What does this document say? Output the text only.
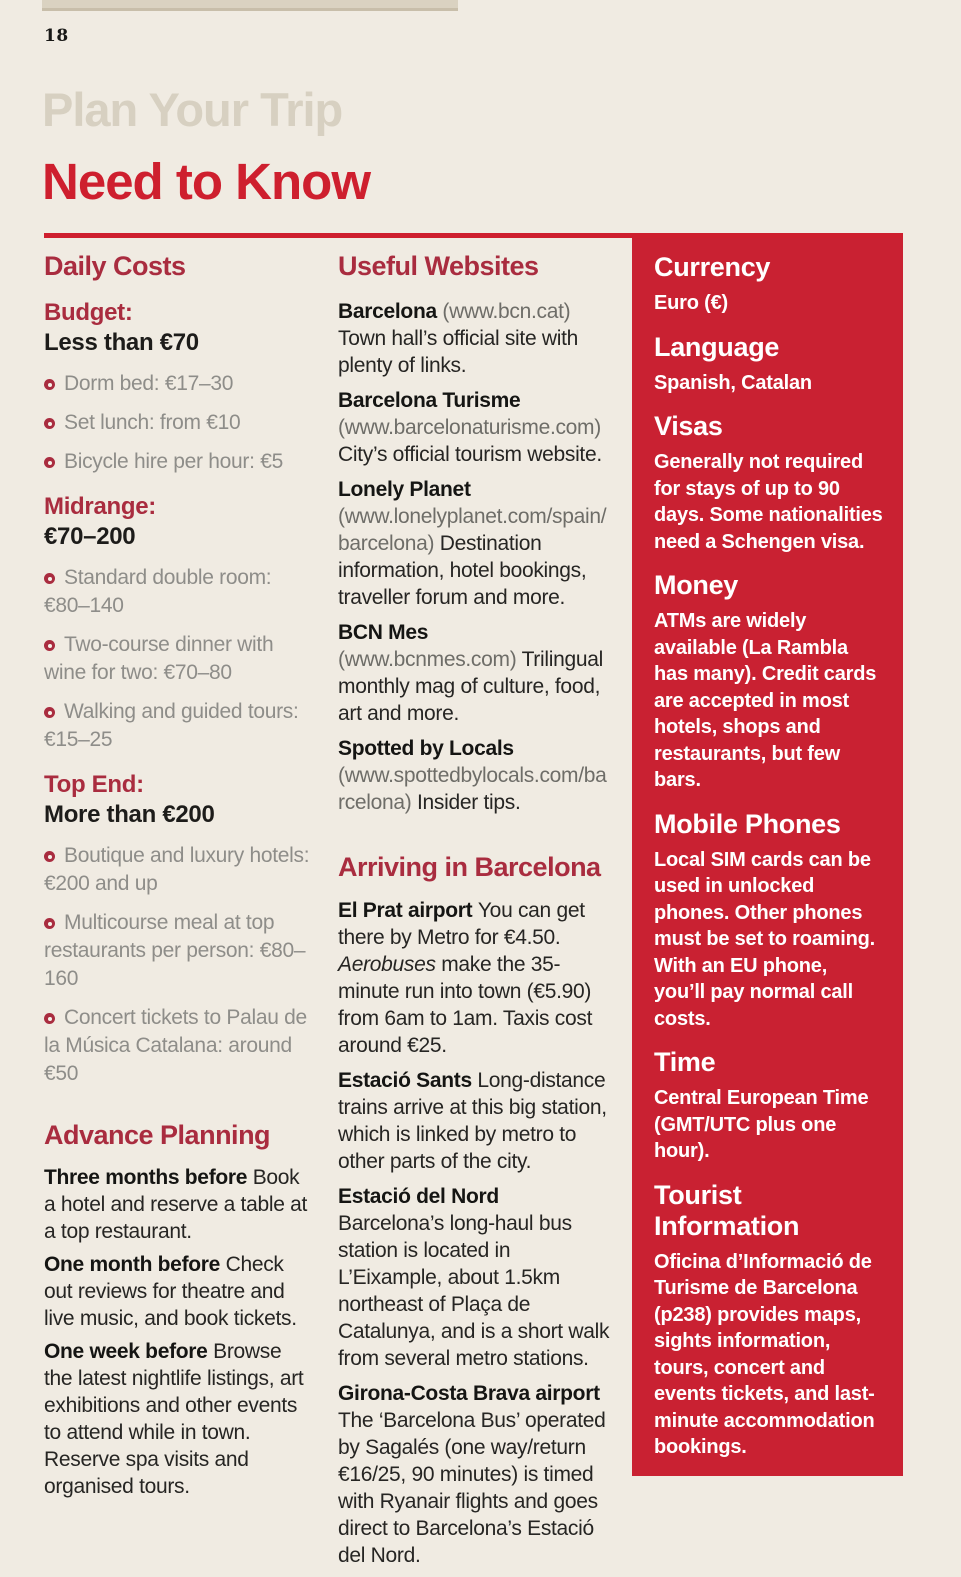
18
Plan Your Trip
Need to Know
Daily Costs
Budget:
Less than €70
Dorm bed: €17–30
Set lunch: from €10
Bicycle hire per hour: €5
Midrange:
€70–200
Standard double room: €80–140
Two-course dinner with wine for two: €70–80
Walking and guided tours: €15–25
Top End:
More than €200
Boutique and luxury hotels: €200 and up
Multicourse meal at top restaurants per person: €80–160
Concert tickets to Palau de la Música Catalana: around €50
Advance Planning

Three months before Book a hotel and reserve a table at a top restaurant.

One month before Check out reviews for theatre and live music, and book tickets.

One week before Browse the latest nightlife listings, art exhibitions and other events to attend while in town. Reserve spa visits and organised tours.

Useful Websites

Barcelona (www.bcn.cat) Town hall’s official site with plenty of links.

Barcelona Turisme (www.barcelonaturisme.com) City’s official tourism website.

Lonely Planet (www.lonelyplanet.com/spain/barcelona) Destination information, hotel bookings, traveller forum and more.

BCN Mes (www.bcnmes.com) Trilingual monthly mag of culture, food, art and more.

Spotted by Locals (www.spottedbylocals.com/barcelona) Insider tips.

Arriving in Barcelona

El Prat airport You can get there by Metro for €4.50. Aerobuses make the 35-minute run into town (€5.90) from 6am to 1am. Taxis cost around €25.

Estació Sants Long-distance trains arrive at this big station, which is linked by metro to other parts of the city.

Estació del Nord Barcelona’s long-haul bus station is located in L’Eixample, about 1.5km northeast of Plaça de Catalunya, and is a short walk from several metro stations.

Girona-Costa Brava airport The ‘Barcelona Bus’ operated by Sagalés (one way/return €16/25, 90 minutes) is timed with Ryanair flights and goes direct to Barcelona’s Estació del Nord.

Currency

Euro (€)

Language

Spanish, Catalan

Visas

Generally not required for stays of up to 90 days. Some nationalities need a Schengen visa.

Money

ATMs are widely available (La Rambla has many). Credit cards are accepted in most hotels, shops and restaurants, but few bars.

Mobile Phones

Local SIM cards can be used in unlocked phones. Other phones must be set to roaming. With an EU phone, you’ll pay normal call costs.

Time

Central European Time (GMT/UTC plus one hour).

Tourist Information

Oficina d’Informació de Turisme de Barcelona (p238) provides maps, sights information, tours, concert and events tickets, and last-minute accommodation bookings.
